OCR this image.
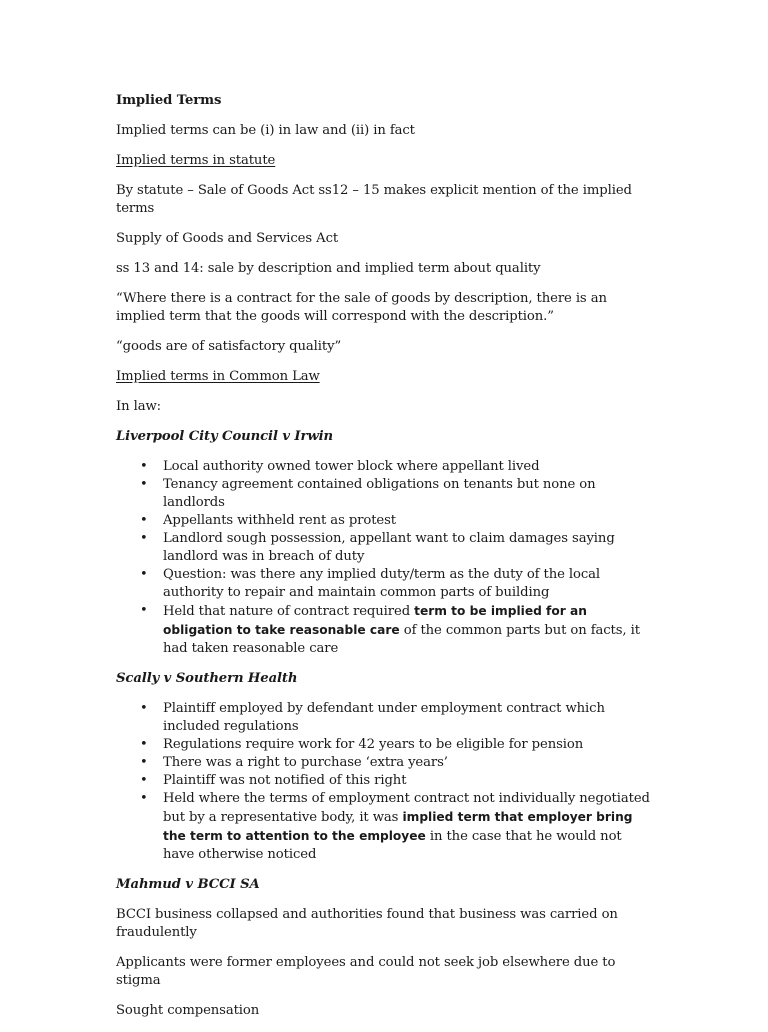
Implied Terms

Implied terms can be (i) in law and (ii) in fact

Implied terms in statute

By statute – Sale of Goods Act ss12 – 15 makes explicit mention of the implied terms

Supply of Goods and Services Act

ss 13 and 14: sale by description and implied term about quality

“Where there is a contract for the sale of goods by description, there is an implied term that the goods will correspond with the description.”

“goods are of satisfactory quality”

Implied terms in Common Law

In law:

Liverpool City Council v Irwin

• Local authority owned tower block where appellant lived
• Tenancy agreement contained obligations on tenants but none on landlords
• Appellants withheld rent as protest
• Landlord sough possession, appellant want to claim damages saying landlord was in breach of duty
• Question: was there any implied duty/term as the duty of the local authority to repair and maintain common parts of building
• Held that nature of contract required term to be implied for an obligation to take reasonable care of the common parts but on facts, it had taken reasonable care

Scally v Southern Health

• Plaintiff employed by defendant under employment contract which included regulations
• Regulations require work for 42 years to be eligible for pension
• There was a right to purchase ‘extra years’
• Plaintiff was not notified of this right
• Held where the terms of employment contract not individually negotiated but by a representative body, it was implied term that employer bring the term to attention to the employee in the case that he would not have otherwise noticed

Mahmud v BCCI SA

BCCI business collapsed and authorities found that business was carried on fraudulently

Applicants were former employees and could not seek job elsewhere due to stigma

Sought compensation
